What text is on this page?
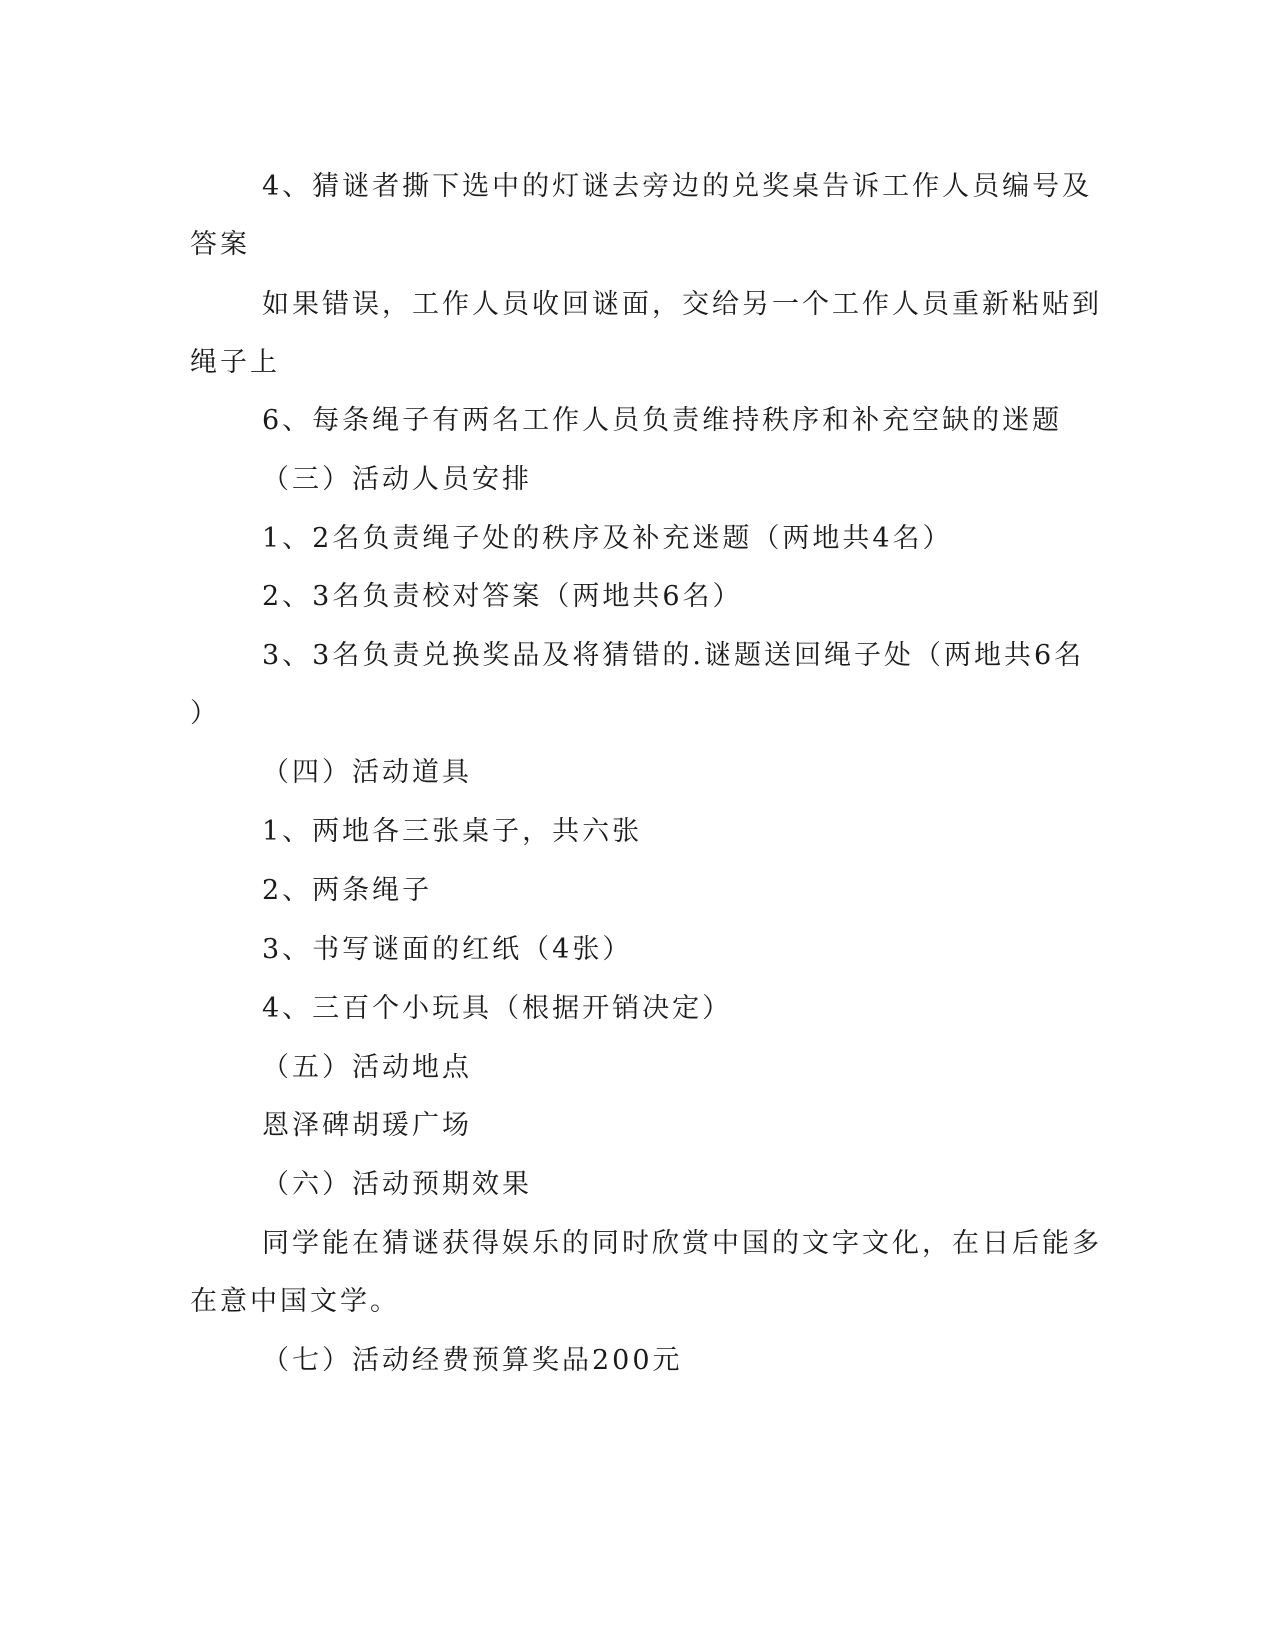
4、猜谜者撕下选中的灯谜去旁边的兑奖桌告诉工作人员编号及

答案

如果错误，工作人员收回谜面，交给另一个工作人员重新粘贴到

绳子上

6、每条绳子有两名工作人员负责维持秩序和补充空缺的迷题

（三）活动人员安排

1、2名负责绳子处的秩序及补充迷题（两地共4名）

2、3名负责校对答案（两地共6名）

3、3名负责兑换奖品及将猜错的.谜题送回绳子处（两地共6名

）

（四）活动道具

1、两地各三张桌子，共六张

2、两条绳子

3、书写谜面的红纸（4张）

4、三百个小玩具（根据开销决定）

（五）活动地点

恩泽碑胡瑗广场

（六）活动预期效果

同学能在猜谜获得娱乐的同时欣赏中国的文字文化，在日后能多

在意中国文学。

（七）活动经费预算奖品200元
